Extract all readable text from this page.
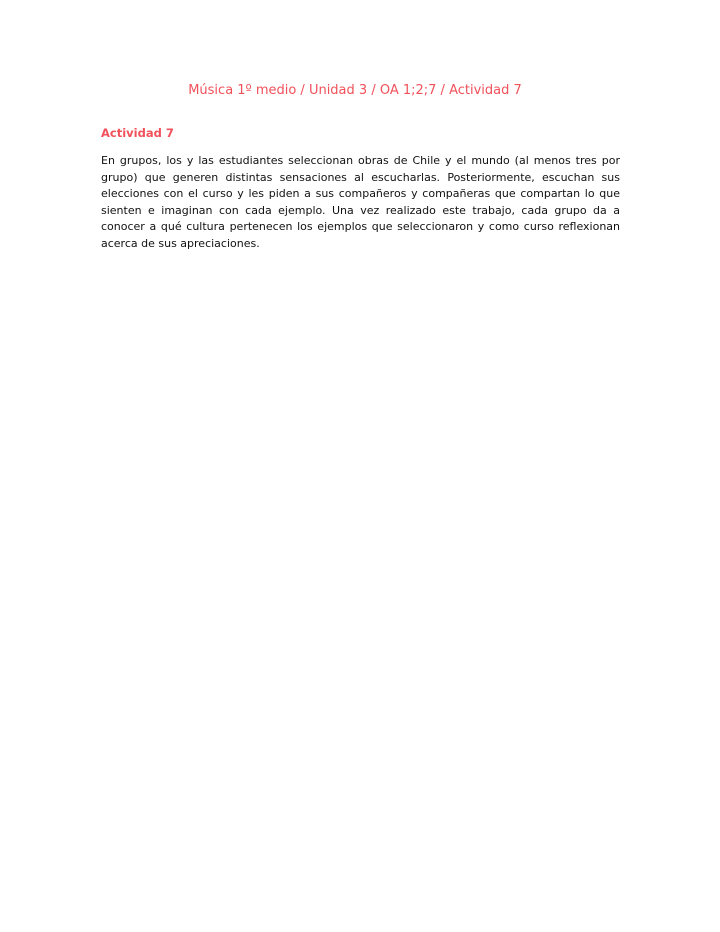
Música 1º medio / Unidad 3 / OA 1;2;7 / Actividad 7
Actividad 7

En grupos, los y las estudiantes seleccionan obras de Chile y el mundo (al menos tres por grupo) que generen distintas sensaciones al escucharlas. Posteriormente, escuchan sus elecciones con el curso y les piden a sus compañeros y compañeras que compartan lo que sienten e imaginan con cada ejemplo. Una vez realizado este trabajo, cada grupo da a conocer a qué cultura pertenecen los ejemplos que seleccionaron y como curso reflexionan acerca de sus apreciaciones.
